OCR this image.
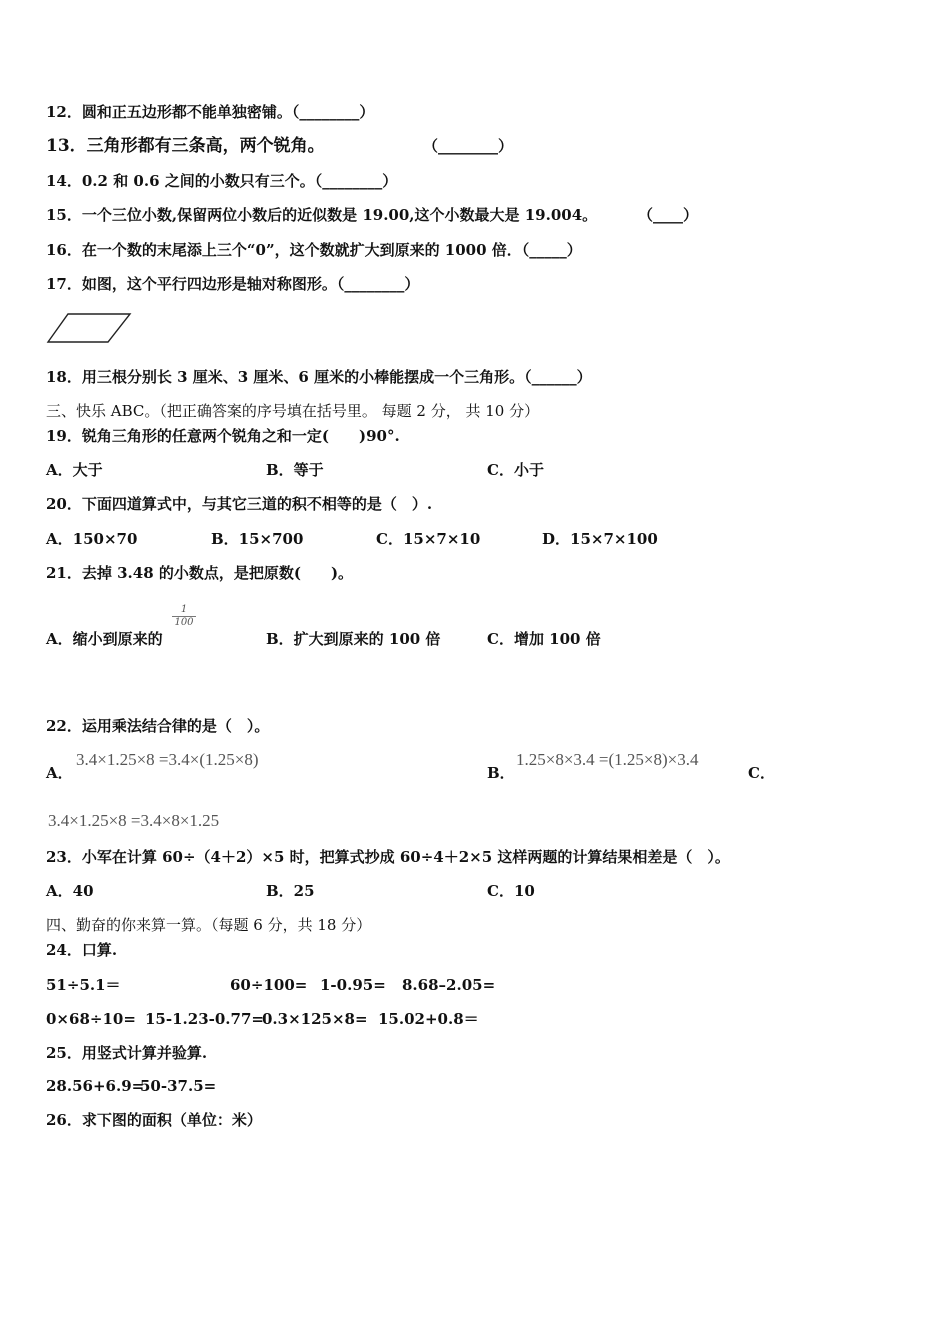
12．圆和正五边形都不能单独密铺。（________）
13．三角形都有三条高，两个锐角。	（________）
14．0.2 和 0.6 之间的小数只有三个。（________）
15．一个三位小数,保留两位小数后的近似数是 19.00,这个小数最大是 19.004。	（____）
16．在一个数的末尾添上三个“0”，这个数就扩大到原来的 1000 倍．（_____）
17．如图，这个平行四边形是轴对称图形。（________）
18．用三根分别长 3 厘米、3 厘米、6 厘米的小棒能摆成一个三角形。（______）
三、快乐 ABC。（把正确答案的序号填在括号里。 每题 2 分， 共 10 分）
19．锐角三角形的任意两个锐角之和一定(　　)90°.
A．大于	B．等于	C．小于
20．下面四道算式中，与其它三道的积不相等的是（　）.
A．150×70	B．15×700	C．15×7×10	D．15×7×100
21．去掉 3.48 的小数点，是把原数(　　)。
A．缩小到原来的
$\frac{1}{100}$
B．扩大到原来的 100 倍	C．增加 100 倍
22．运用乘法结合律的是（　）。
A．
3.4×1.25×8 =3.4×(1.25×8)
B．
1.25×8×3.4 =(1.25×8)×3.4
C．
3.4×1.25×8 =3.4×8×1.25
23．小军在计算 60÷（4＋2）×5 时，把算式抄成 60÷4＋2×5 这样两题的计算结果相差是（　）。
A．40	B．25	C．10
四、勤奋的你来算一算。（每题 6 分，共 18 分）
24．口算.
51÷5.1＝	60÷100= 1-0.95= 8.68–2.05=
0×68÷10= 15-1.23-0.77=
0.3×125×8= 15.02+0.8＝
25．用竖式计算并验算.
28.56+6.9=
50-37.5=
26．求下图的面积（单位：米）
